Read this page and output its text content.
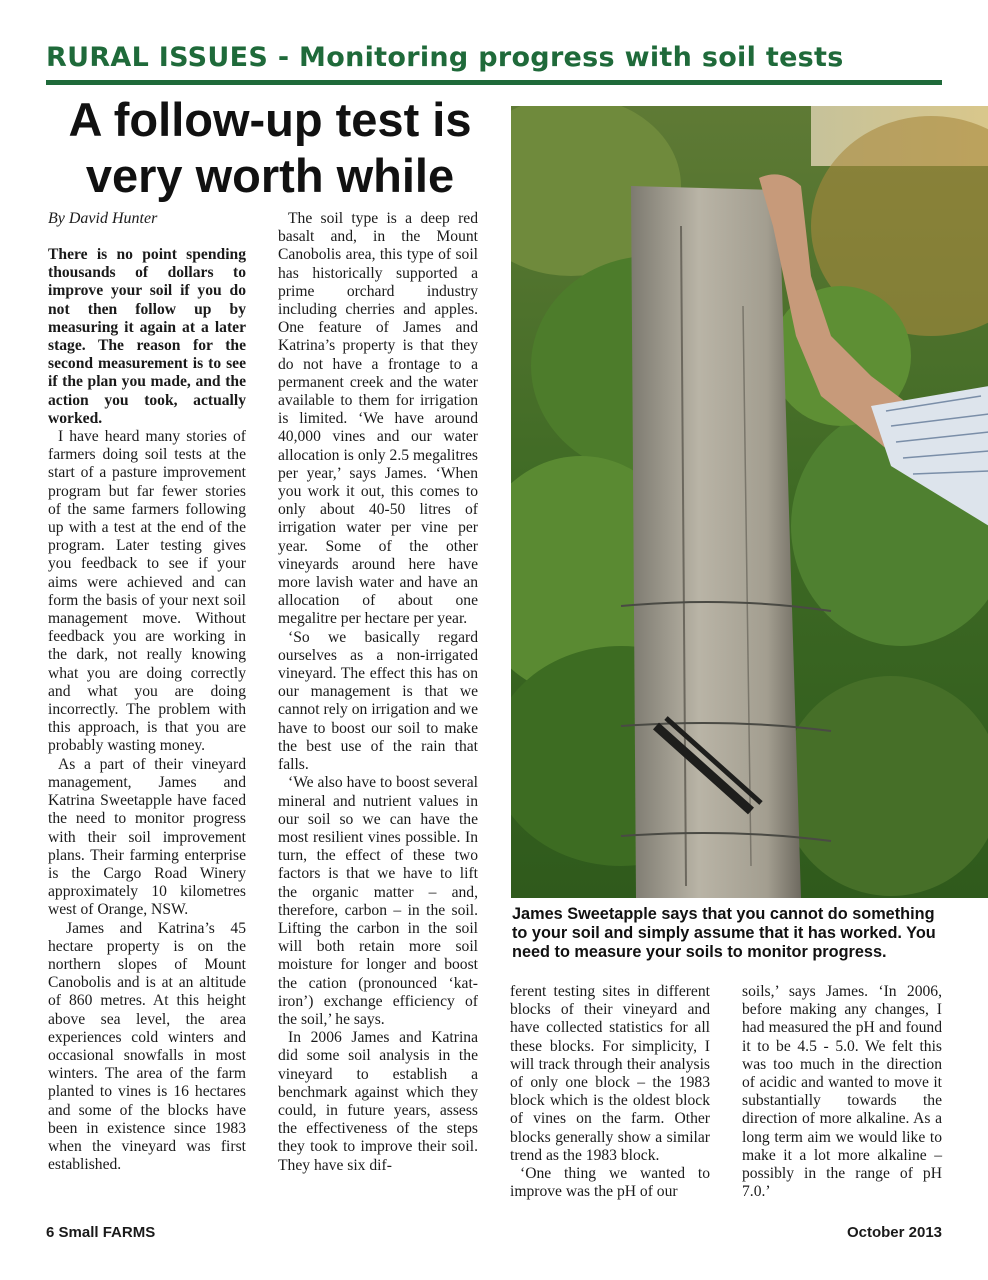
RURAL ISSUES - Monitoring progress with soil tests
A follow-up test is
very worth while
By David Hunter

There is no point spending thousands of dollars to improve your soil if you do not then follow up by measuring it again at a later stage. The reason for the second measurement is to see if the plan you made, and the action you took, actually worked.

I have heard many stories of farmers doing soil tests at the start of a pasture improvement program but far fewer stories of the same farmers following up with a test at the end of the program. Later testing gives you feedback to see if your aims were achieved and can form the basis of your next soil management move. Without feedback you are working in the dark, not really knowing what you are doing correctly and what you are doing incorrectly. The problem with this approach, is that you are probably wasting money.

As a part of their vineyard management, James and Katrina Sweetapple have faced the need to monitor progress with their soil improvement plans. Their farming enterprise is the Cargo Road Winery approximately 10 kilometres west of Orange, NSW.

James and Katrina’s 45 hectare property is on the northern slopes of Mount Canobolis and is at an altitude of 860 metres. At this height above sea level, the area experiences cold winters and occasional snowfalls in most winters. The area of the farm planted to vines is 16 hectares and some of the blocks have been in existence since 1983 when the vineyard was first established.

The soil type is a deep red basalt and, in the Mount Canobolis area, this type of soil has historically supported a prime orchard industry including cherries and apples. One feature of James and Katrina’s property is that they do not have a frontage to a permanent creek and the water available to them for irrigation is limited. ‘We have around 40,000 vines and our water allocation is only 2.5 megalitres per year,’ says James. ‘When you work it out, this comes to only about 40-50 litres of irrigation water per vine per year. Some of the other vineyards around here have more lavish water and have an allocation of about one megalitre per hectare per year.

‘So we basically regard ourselves as a non-irrigated vineyard. The effect this has on our management is that we cannot rely on irrigation and we have to boost our soil to make the best use of the rain that falls.

‘We also have to boost several mineral and nutrient values in our soil so we can have the most resilient vines possible. In turn, the effect of these two factors is that we have to lift the organic matter – and, therefore, carbon – in the soil. Lifting the carbon in the soil will both retain more soil moisture for longer and boost the cation (pronounced ‘kat-iron’) exchange efficiency of the soil,’ he says.

In 2006 James and Katrina did some soil analysis in the vineyard to establish a benchmark against which they could, in future years, assess the effectiveness of the steps they took to improve their soil. They have six dif-

James Sweetapple says that you cannot do something to your soil and simply assume that it has worked. You need to measure your soils to monitor progress.

ferent testing sites in different blocks of their vineyard and have collected statistics for all these blocks. For simplicity, I will track through their analysis of only one block – the 1983 block which is the oldest block of vines on the farm. Other blocks generally show a similar trend as the 1983 block.

‘One thing we wanted to improve was the pH of our

soils,’ says James. ‘In 2006, before making any changes, I had measured the pH and found it to be 4.5 - 5.0. We felt this was too much in the direction of acidic and wanted to move it substantially towards the direction of more alkaline. As a long term aim we would like to make it a lot more alkaline – possibly in the range of pH 7.0.’

6 Small FARMS	October 2013
